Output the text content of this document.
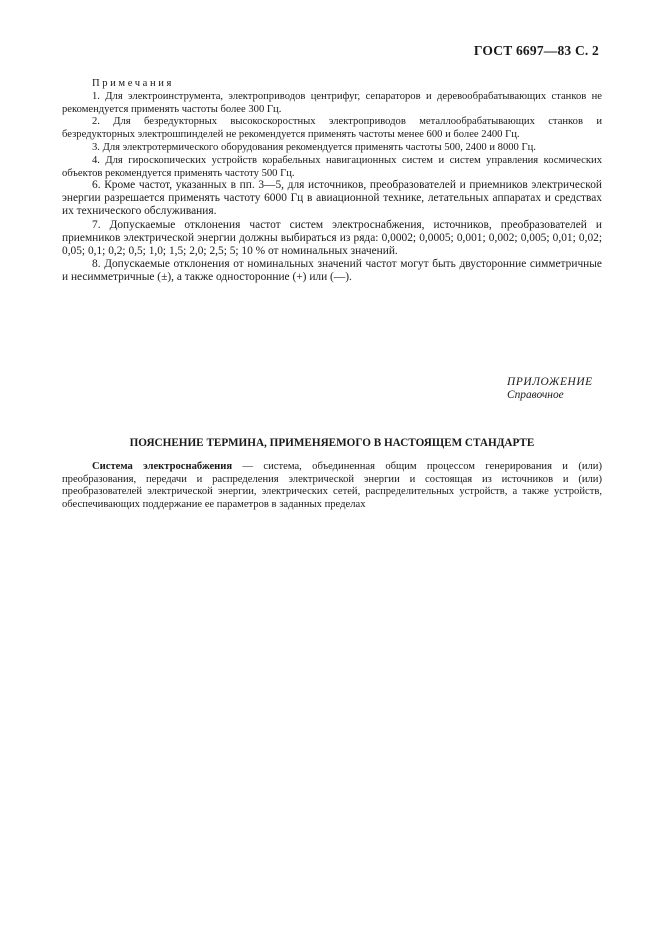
ГОСТ 6697—83 С. 2
Примечания

1. Для электроинструмента, электроприводов центрифуг, сепараторов и деревообрабатывающих станков не рекомендуется применять частоты более 300 Гц.

2. Для безредукторных высокоскоростных электроприводов металлообрабатывающих станков и безредукторных электрошпинделей не рекомендуется применять частоты менее 600 и более 2400 Гц.

3. Для электротермического оборудования рекомендуется применять частоты 500, 2400 и 8000 Гц.

4. Для гироскопических устройств корабельных навигационных систем и систем управления космических объектов рекомендуется применять частоту 500 Гц.

6. Кроме частот, указанных в пп. 3—5, для источников, преобразователей и приемников электрической энергии разрешается применять частоту 6000 Гц в авиационной технике, летательных аппаратах и средствах их технического обслуживания.

7. Допускаемые отклонения частот систем электроснабжения, источников, преобразователей и приемников электрической энергии должны выбираться из ряда: 0,0002; 0,0005; 0,001; 0,002; 0,005; 0,01; 0,02; 0,05; 0,1; 0,2; 0,5; 1,0; 1,5; 2,0; 2,5; 5; 10 % от номинальных значений.

8. Допускаемые отклонения от номинальных значений частот могут быть двусторонние симметричные и несимметричные (±), а также односторонние (+) или (—).

ПРИЛОЖЕНИЕ
Справочное
ПОЯСНЕНИЕ ТЕРМИНА, ПРИМЕНЯЕМОГО В НАСТОЯЩЕМ СТАНДАРТЕ

Система электроснабжения — система, объединенная общим процессом генерирования и (или) преобразования, передачи и распределения электрической энергии и состоящая из источников и (или) преобразователей электрической энергии, электрических сетей, распределительных устройств, а также устройств, обеспечивающих поддержание ее параметров в заданных пределах
